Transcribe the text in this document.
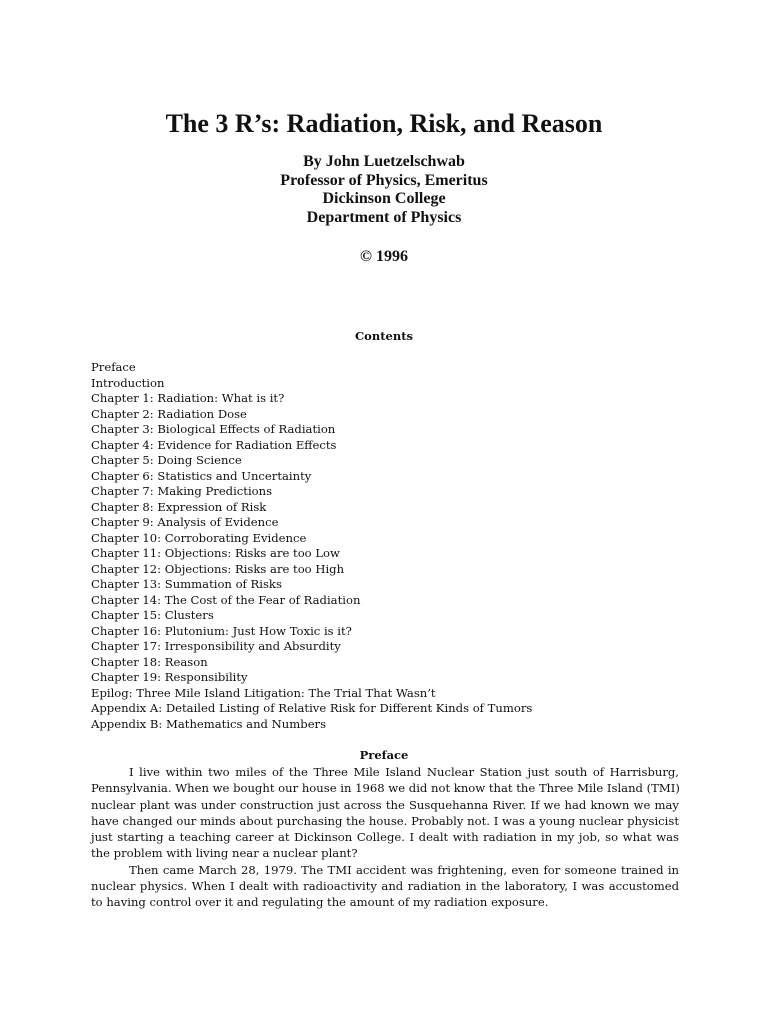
The 3 R’s: Radiation, Risk, and Reason
By John Luetzelschwab
Professor of Physics, Emeritus
Dickinson College
Department of Physics
© 1996
Contents
Preface
Introduction
Chapter 1: Radiation: What is it?
Chapter 2: Radiation Dose
Chapter 3: Biological Effects of Radiation
Chapter 4: Evidence for Radiation Effects
Chapter 5: Doing Science
Chapter 6: Statistics and Uncertainty
Chapter 7: Making Predictions
Chapter 8: Expression of Risk
Chapter 9: Analysis of Evidence
Chapter 10: Corroborating Evidence
Chapter 11: Objections: Risks are too Low
Chapter 12: Objections: Risks are too High
Chapter 13: Summation of Risks
Chapter 14: The Cost of the Fear of Radiation
Chapter 15: Clusters
Chapter 16: Plutonium: Just How Toxic is it?
Chapter 17: Irresponsibility and Absurdity
Chapter 18: Reason
Chapter 19: Responsibility
Epilog: Three Mile Island Litigation: The Trial That Wasn’t
Appendix A: Detailed Listing of Relative Risk for Different Kinds of Tumors
Appendix B: Mathematics and Numbers
Preface
I live within two miles of the Three Mile Island Nuclear Station just south of Harrisburg,
Pennsylvania. When we bought our house in 1968 we did not know that the Three Mile Island (TMI)
nuclear plant was under construction just across the Susquehanna River. If we had known we may
have changed our minds about purchasing the house. Probably not. I was a young nuclear physicist
just starting a teaching career at Dickinson College. I dealt with radiation in my job, so what was
the problem with living near a nuclear plant?
Then came March 28, 1979. The TMI accident was frightening, even for someone trained in
nuclear physics. When I dealt with radioactivity and radiation in the laboratory, I was accustomed
to having control over it and regulating the amount of my radiation exposure.
